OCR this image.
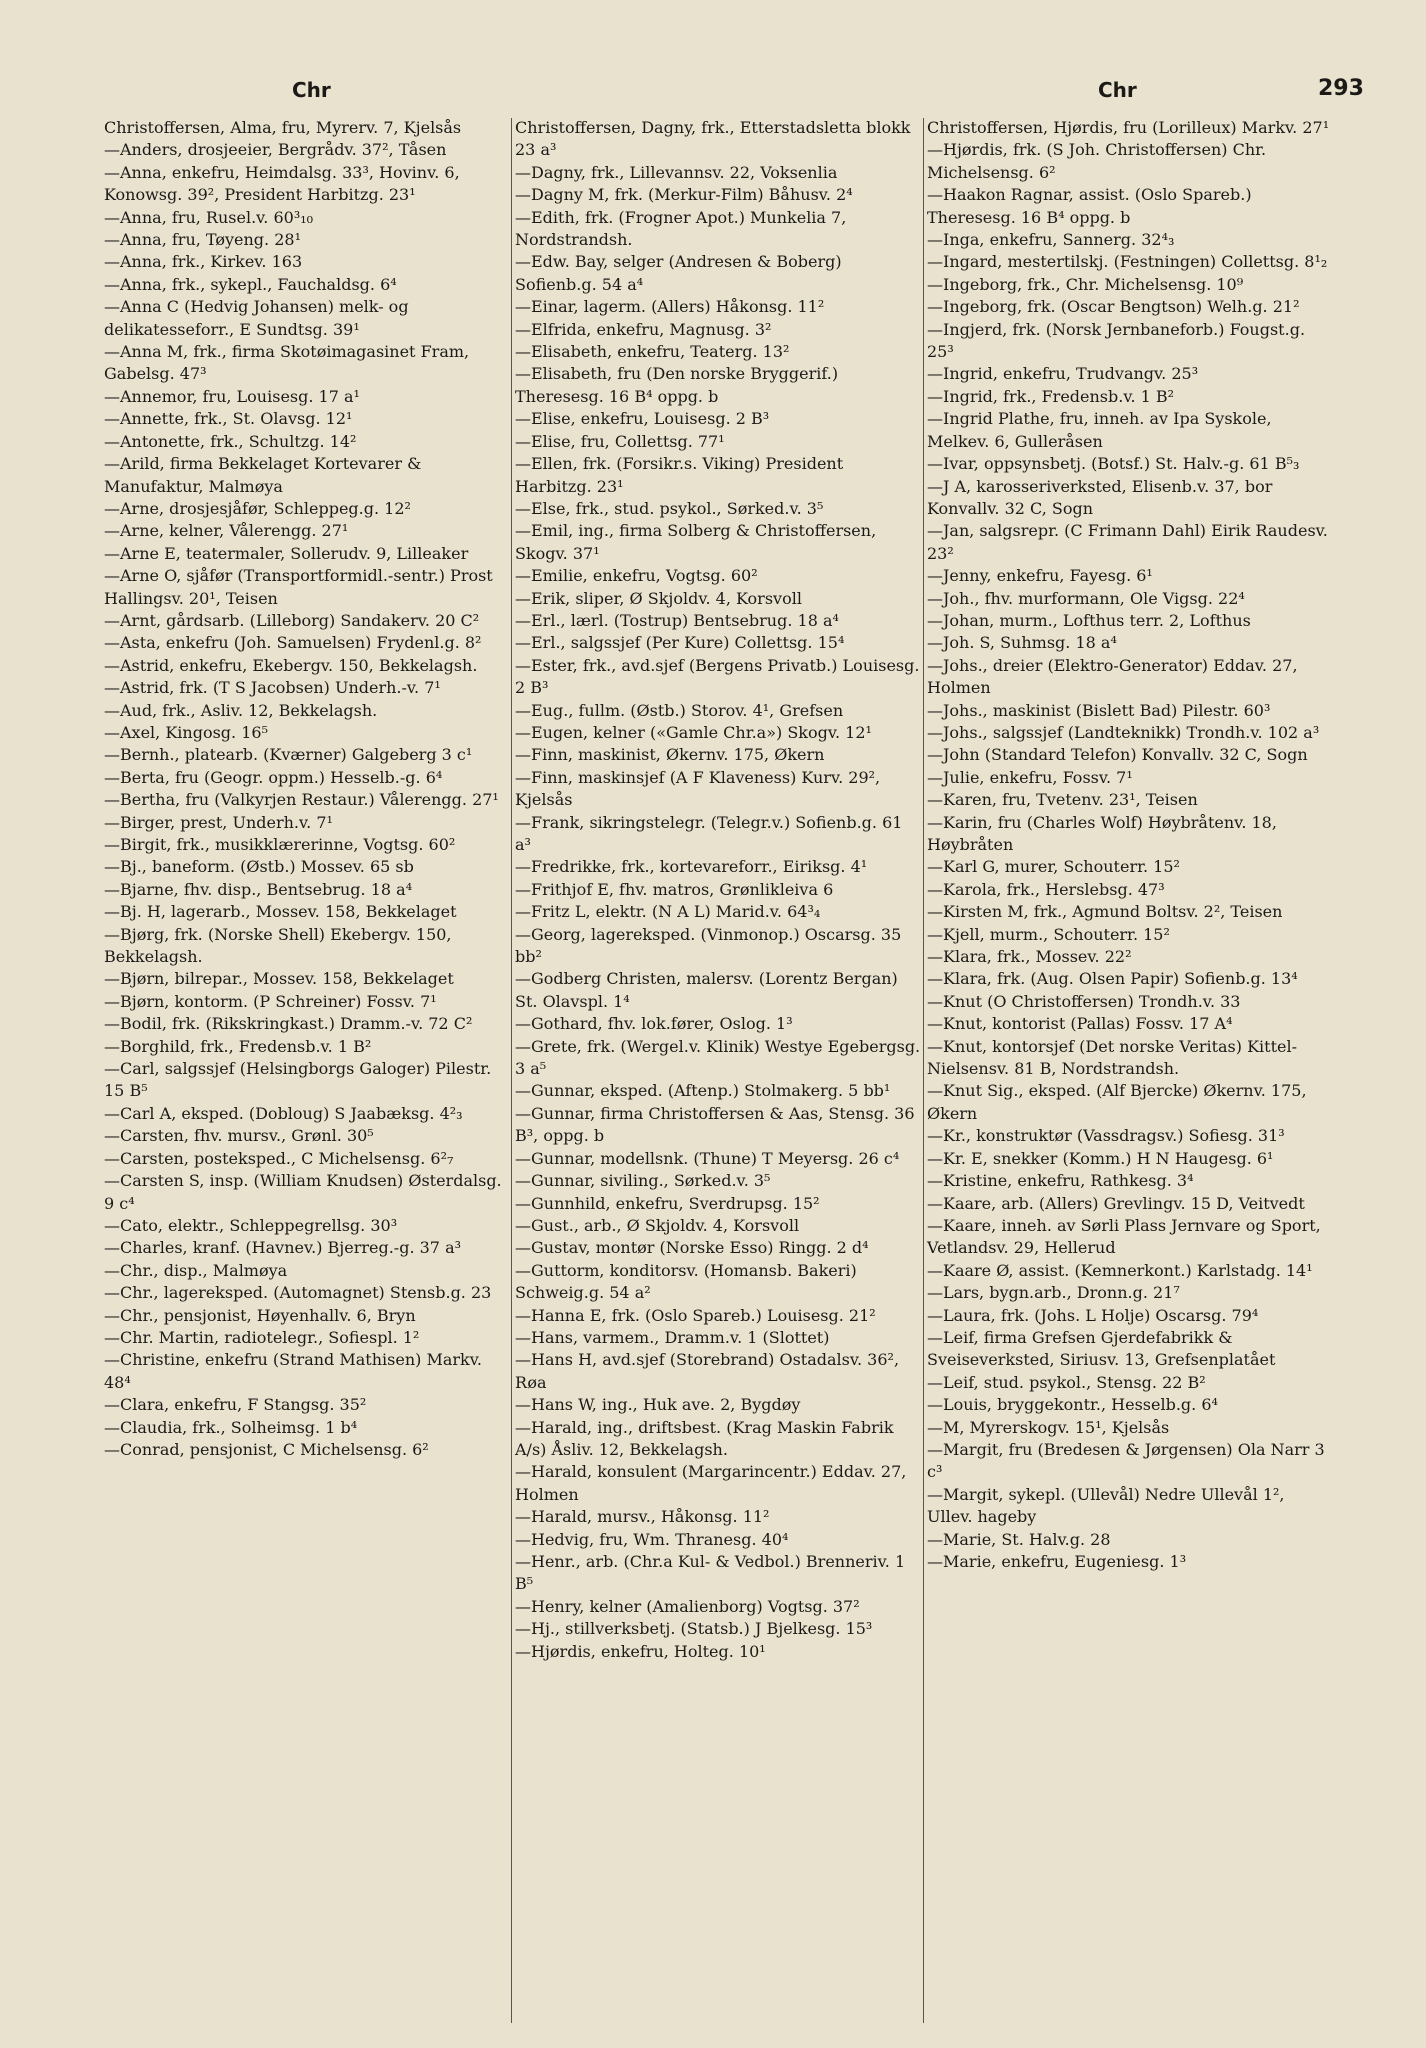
Chr	Chr	293
Christoffersen, Alma, fru, Myrerv. 7, Kjelsås
—Anders, drosjeeier, Bergrådv. 37², Tåsen
—Anna, enkefru, Heimdalsg. 33³, Hovinv. 6, Konowsg. 39², President Harbitzg. 23¹
—Anna, fru, Rusel.v. 60³₁₀
—Anna, fru, Tøyeng. 28¹
—Anna, frk., Kirkev. 163
—Anna, frk., sykepl., Fauchaldsg. 6⁴
—Anna C (Hedvig Johansen) melk- og delikatesseforr., E Sundtsg. 39¹
—Anna M, frk., firma Skotøimagasinet Fram, Gabelsg. 47³
—Annemor, fru, Louisesg. 17 a¹
—Annette, frk., St. Olavsg. 12¹
—Antonette, frk., Schultzg. 14²
—Arild, firma Bekkelaget Kortevarer & Manufaktur, Malmøya
—Arne, drosjesjåfør, Schleppeg.g. 12²
—Arne, kelner, Vålerengg. 27¹
—Arne E, teatermaler, Sollerudv. 9, Lilleaker
—Arne O, sjåfør (Transportformidl.-sentr.) Prost Hallingsv. 20¹, Teisen
—Arnt, gårdsarb. (Lilleborg) Sandakerv. 20 C²
—Asta, enkefru (Joh. Samuelsen) Frydenl.g. 8²
—Astrid, enkefru, Ekebergv. 150, Bekkelagsh.
—Astrid, frk. (T S Jacobsen) Underh.-v. 7¹
—Aud, frk., Asliv. 12, Bekkelagsh.
—Axel, Kingosg. 16⁵
—Bernh., platearb. (Kværner) Galgeberg 3 c¹
—Berta, fru (Geogr. oppm.) Hesselb.-g. 6⁴
—Bertha, fru (Valkyrjen Restaur.) Vålerengg. 27¹
—Birger, prest, Underh.v. 7¹
—Birgit, frk., musikklærerinne, Vogtsg. 60²
—Bj., baneform. (Østb.) Mossev. 65 sb
—Bjarne, fhv. disp., Bentsebrug. 18 a⁴
—Bj. H, lagerarb., Mossev. 158, Bekkelaget
—Bjørg, frk. (Norske Shell) Ekebergv. 150, Bekkelagsh.
—Bjørn, bilrepar., Mossev. 158, Bekkelaget
—Bjørn, kontorm. (P Schreiner) Fossv. 7¹
—Bodil, frk. (Rikskringkast.) Dramm.-v. 72 C²
—Borghild, frk., Fredensb.v. 1 B²
—Carl, salgssjef (Helsingborgs Galoger) Pilestr. 15 B⁵
—Carl A, eksped. (Dobloug) S Jaabæksg. 4²₃
—Carsten, fhv. mursv., Grønl. 30⁵
—Carsten, posteksped., C Michelsensg. 6²₇
—Carsten S, insp. (William Knudsen) Østerdalsg. 9 c⁴
—Cato, elektr., Schleppegrellsg. 30³
—Charles, kranf. (Havnev.) Bjerreg.-g. 37 a³
—Chr., disp., Malmøya
—Chr., lagereksped. (Automagnet) Stensb.g. 23
—Chr., pensjonist, Høyenhallv. 6, Bryn
—Chr. Martin, radiotelegr., Sofiespl. 1²
—Christine, enkefru (Strand Mathisen) Markv. 48⁴
—Clara, enkefru, F Stangsg. 35²
—Claudia, frk., Solheimsg. 1 b⁴
—Conrad, pensjonist, C Michelsensg. 6²
Christoffersen, Dagny, frk., Etterstadsletta blokk 23 a³
—Dagny, frk., Lillevannsv. 22, Voksenlia
—Dagny M, frk. (Merkur-Film) Båhusv. 2⁴
—Edith, frk. (Frogner Apot.) Munkelia 7, Nordstrandsh.
—Edw. Bay, selger (Andresen & Boberg) Sofienb.g. 54 a⁴
—Einar, lagerm. (Allers) Håkonsg. 11²
—Elfrida, enkefru, Magnusg. 3²
—Elisabeth, enkefru, Teaterg. 13²
—Elisabeth, fru (Den norske Bryggerif.) Theresesg. 16 B⁴ oppg. b
—Elise, enkefru, Louisesg. 2 B³
—Elise, fru, Collettsg. 77¹
—Ellen, frk. (Forsikr.s. Viking) President Harbitzg. 23¹
—Else, frk., stud. psykol., Sørked.v. 3⁵
—Emil, ing., firma Solberg & Christoffersen, Skogv. 37¹
—Emilie, enkefru, Vogtsg. 60²
—Erik, sliper, Ø Skjoldv. 4, Korsvoll
—Erl., lærl. (Tostrup) Bentsebrug. 18 a⁴
—Erl., salgssjef (Per Kure) Collettsg. 15⁴
—Ester, frk., avd.sjef (Bergens Privatb.) Louisesg. 2 B³
—Eug., fullm. (Østb.) Storov. 4¹, Grefsen
—Eugen, kelner («Gamle Chr.a») Skogv. 12¹
—Finn, maskinist, Økernv. 175, Økern
—Finn, maskinsjef (A F Klaveness) Kurv. 29², Kjelsås
—Frank, sikringstelegr. (Telegr.v.) Sofienb.g. 61 a³
—Fredrikke, frk., kortevareforr., Eiriksg. 4¹
—Frithjof E, fhv. matros, Grønlikleiva 6
—Fritz L, elektr. (N A L) Marid.v. 64³₄
—Georg, lagereksped. (Vinmonop.) Oscarsg. 35 bb²
—Godberg Christen, malersv. (Lorentz Bergan) St. Olavspl. 1⁴
—Gothard, fhv. lok.fører, Oslog. 1³
—Grete, frk. (Wergel.v. Klinik) Westye Egebergsg. 3 a⁵
—Gunnar, eksped. (Aftenp.) Stolmakerg. 5 bb¹
—Gunnar, firma Christoffersen & Aas, Stensg. 36 B³, oppg. b
—Gunnar, modellsnk. (Thune) T Meyersg. 26 c⁴
—Gunnar, siviling., Sørked.v. 3⁵
—Gunnhild, enkefru, Sverdrupsg. 15²
—Gust., arb., Ø Skjoldv. 4, Korsvoll
—Gustav, montør (Norske Esso) Ringg. 2 d⁴
—Guttorm, konditorsv. (Homansb. Bakeri) Schweig.g. 54 a²
—Hanna E, frk. (Oslo Spareb.) Louisesg. 21²
—Hans, varmem., Dramm.v. 1 (Slottet)
—Hans H, avd.sjef (Storebrand) Ostadalsv. 36², Røa
—Hans W, ing., Huk ave. 2, Bygdøy
—Harald, ing., driftsbest. (Krag Maskin Fabrik A/s) Åsliv. 12, Bekkelagsh.
—Harald, konsulent (Margarincentr.) Eddav. 27, Holmen
—Harald, mursv., Håkonsg. 11²
—Hedvig, fru, Wm. Thranesg. 40⁴
—Henr., arb. (Chr.a Kul- & Vedbol.) Brenneriv. 1 B⁵
—Henry, kelner (Amalienborg) Vogtsg. 37²
—Hj., stillverksbetj. (Statsb.) J Bjelkesg. 15³
—Hjørdis, enkefru, Holteg. 10¹
Christoffersen, Hjørdis, fru (Lorilleux) Markv. 27¹
—Hjørdis, frk. (S Joh. Christoffersen) Chr. Michelsensg. 6²
—Haakon Ragnar, assist. (Oslo Spareb.) Theresesg. 16 B⁴ oppg. b
—Inga, enkefru, Sannerg. 32⁴₃
—Ingard, mestertilskj. (Festningen) Collettsg. 8¹₂
—Ingeborg, frk., Chr. Michelsensg. 10⁹
—Ingeborg, frk. (Oscar Bengtson) Welh.g. 21²
—Ingjerd, frk. (Norsk Jernbaneforb.) Fougst.g. 25³
—Ingrid, enkefru, Trudvangv. 25³
—Ingrid, frk., Fredensb.v. 1 B²
—Ingrid Plathe, fru, inneh. av Ipa Syskole, Melkev. 6, Gulleråsen
—Ivar, oppsynsbetj. (Botsf.) St. Halv.-g. 61 B⁵₃
—J A, karosseriverksted, Elisenb.v. 37, bor Konvallv. 32 C, Sogn
—Jan, salgsrepr. (C Frimann Dahl) Eirik Raudesv. 23²
—Jenny, enkefru, Fayesg. 6¹
—Joh., fhv. murformann, Ole Vigsg. 22⁴
—Johan, murm., Lofthus terr. 2, Lofthus
—Joh. S, Suhmsg. 18 a⁴
—Johs., dreier (Elektro-Generator) Eddav. 27, Holmen
—Johs., maskinist (Bislett Bad) Pilestr. 60³
—Johs., salgssjef (Landteknikk) Trondh.v. 102 a³
—John (Standard Telefon) Konvallv. 32 C, Sogn
—Julie, enkefru, Fossv. 7¹
—Karen, fru, Tvetenv. 23¹, Teisen
—Karin, fru (Charles Wolf) Høybråtenv. 18, Høybråten
—Karl G, murer, Schouterr. 15²
—Karola, frk., Herslebsg. 47³
—Kirsten M, frk., Agmund Boltsv. 2², Teisen
—Kjell, murm., Schouterr. 15²
—Klara, frk., Mossev. 22²
—Klara, frk. (Aug. Olsen Papir) Sofienb.g. 13⁴
—Knut (O Christoffersen) Trondh.v. 33
—Knut, kontorist (Pallas) Fossv. 17 A⁴
—Knut, kontorsjef (Det norske Veritas) Kittel-Nielsensv. 81 B, Nordstrandsh.
—Knut Sig., eksped. (Alf Bjercke) Økernv. 175, Økern
—Kr., konstruktør (Vassdragsv.) Sofiesg. 31³
—Kr. E, snekker (Komm.) H N Haugesg. 6¹
—Kristine, enkefru, Rathkesg. 3⁴
—Kaare, arb. (Allers) Grevlingv. 15 D, Veitvedt
—Kaare, inneh. av Sørli Plass Jernvare og Sport, Vetlandsv. 29, Hellerud
—Kaare Ø, assist. (Kemnerkont.) Karlstadg. 14¹
—Lars, bygn.arb., Dronn.g. 21⁷
—Laura, frk. (Johs. L Holje) Oscarsg. 79⁴
—Leif, firma Grefsen Gjerdefabrikk & Sveiseverksted, Siriusv. 13, Grefsenplatået
—Leif, stud. psykol., Stensg. 22 B²
—Louis, bryggekontr., Hesselb.g. 6⁴
—M, Myrerskogv. 15¹, Kjelsås
—Margit, fru (Bredesen & Jørgensen) Ola Narr 3 c³
—Margit, sykepl. (Ullevål) Nedre Ullevål 1², Ullev. hageby
—Marie, St. Halv.g. 28
—Marie, enkefru, Eugeniesg. 1³
